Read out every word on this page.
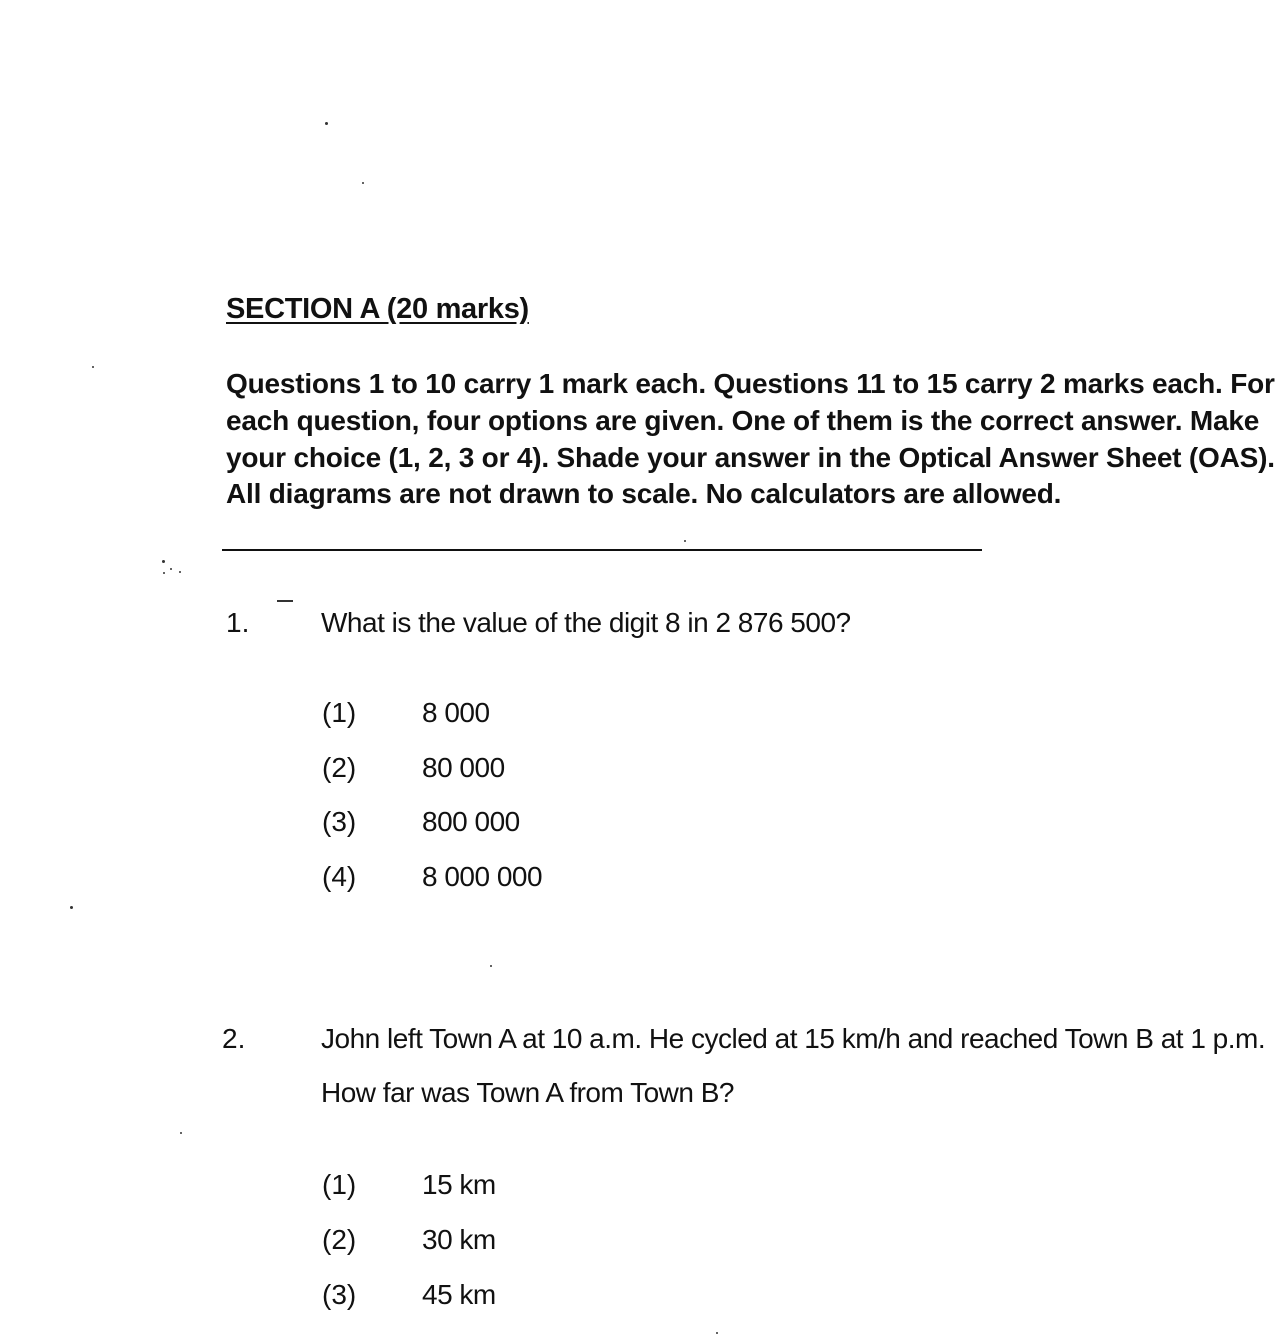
SECTION A (20 marks)
Questions 1 to 10 carry 1 mark each. Questions 11 to 15 carry 2 marks each. For
each question, four options are given. One of them is the correct answer. Make
your choice (1, 2, 3 or 4). Shade your answer in the Optical Answer Sheet (OAS).
All diagrams are not drawn to scale. No calculators are allowed.
1.	What is the value of the digit 8 in 2 876 500?
(1) 8 000
(2) 80 000
(3) 800 000
(4) 8 000 000
2.	John left Town A at 10 a.m. He cycled at 15 km/h and reached Town B at 1 p.m.
How far was Town A from Town B?
(1) 15 km
(2) 30 km
(3) 45 km
